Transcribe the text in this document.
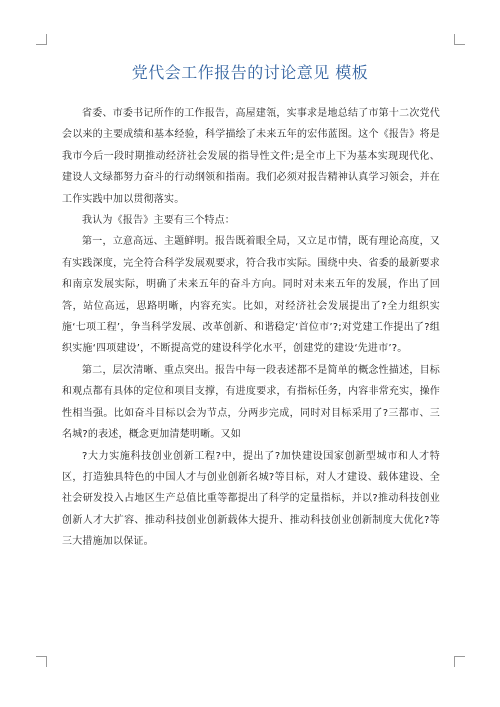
党代会工作报告的讨论意见 模板

省委、市委书记所作的工作报告，高屋建瓴，实事求是地总结了市第十二次党代会以来的主要成绩和基本经验，科学描绘了未来五年的宏伟蓝图。这个《报告》将是我市今后一段时期推动经济社会发展的指导性文件;是全市上下为基本实现现代化、建设人文绿都努力奋斗的行动纲领和指南。我们必须对报告精神认真学习领会，并在工作实践中加以贯彻落实。

我认为《报告》主要有三个特点：

第一，立意高远、主题鲜明。报告既着眼全局，又立足市情，既有理论高度，又有实践深度，完全符合科学发展观要求，符合我市实际。围绕中央、省委的最新要求和南京发展实际，明确了未来五年的奋斗方向。同时对未来五年的发展，作出了回答，站位高远，思路明晰，内容充实。比如，对经济社会发展提出了?全力组织实施‘七项工程’，争当科学发展、改革创新、和谐稳定‘首位市’?;对党建工作提出了?组织实施‘四项建设’，不断提高党的建设科学化水平，创建党的建设‘先进市’?。

第二，层次清晰、重点突出。报告中每一段表述都不是简单的概念性描述，目标和观点都有具体的定位和项目支撑，有进度要求，有指标任务，内容非常充实，操作性相当强。比如奋斗目标以会为节点，分两步完成，同时对目标采用了?三都市、三名城?的表述，概念更加清楚明晰。又如

?大力实施科技创业创新工程?中，提出了?加快建设国家创新型城市和人才特区，打造独具特色的中国人才与创业创新名城?等目标，对人才建设、载体建设、全社会研发投入占地区生产总值比重等都提出了科学的定量指标，并以?推动科技创业创新人才大扩容、推动科技创业创新载体大提升、推动科技创业创新制度大优化?等三大措施加以保证。
